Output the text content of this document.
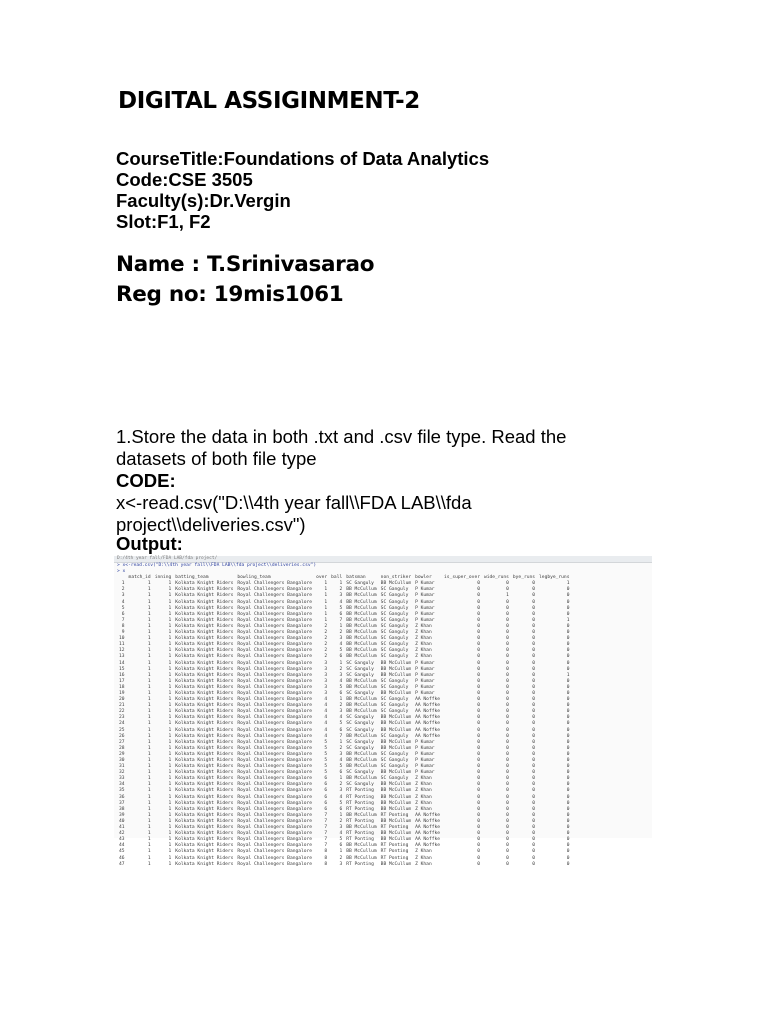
DIGITAL ASSIGINMENT-2
CourseTitle:Foundations of Data Analytics
Code:CSE 3505
Faculty(s):Dr.Vergin
Slot:F1, F2
Name : T.Srinivasarao
Reg no: 19mis1061
1.Store the data in both .txt and .csv file type. Read the
datasets of both file type
CODE:
x<-read.csv("D:\\4th year fall\\FDA LAB\\fda
project\\deliveries.csv")
Output:
D:/4th year fall/FDA LAB/fda project/
> x<-read.csv("D:\\4th year fall\\FDA LAB\\fda project\\deliveries.csv")
> x
	match_id	inning	batting_team	bowling_team	over	ball	batsman	non_striker	bowler	is_super_over	wide_runs	bye_runs	legbye_runs
1	1	1	Kolkata Knight Riders	Royal Challengers Bangalore	1	1	SC Ganguly	BB McCullum	P Kumar	0	0	0	1
2	1	1	Kolkata Knight Riders	Royal Challengers Bangalore	1	2	BB McCullum	SC Ganguly	P Kumar	0	0	0	0
3	1	1	Kolkata Knight Riders	Royal Challengers Bangalore	1	3	BB McCullum	SC Ganguly	P Kumar	0	1	0	0
4	1	1	Kolkata Knight Riders	Royal Challengers Bangalore	1	4	BB McCullum	SC Ganguly	P Kumar	0	0	0	0
5	1	1	Kolkata Knight Riders	Royal Challengers Bangalore	1	5	BB McCullum	SC Ganguly	P Kumar	0	0	0	0
6	1	1	Kolkata Knight Riders	Royal Challengers Bangalore	1	6	BB McCullum	SC Ganguly	P Kumar	0	0	0	0
7	1	1	Kolkata Knight Riders	Royal Challengers Bangalore	1	7	BB McCullum	SC Ganguly	P Kumar	0	0	0	1
8	1	1	Kolkata Knight Riders	Royal Challengers Bangalore	2	1	BB McCullum	SC Ganguly	Z Khan	0	0	0	0
9	1	1	Kolkata Knight Riders	Royal Challengers Bangalore	2	2	BB McCullum	SC Ganguly	Z Khan	0	0	0	0
10	1	1	Kolkata Knight Riders	Royal Challengers Bangalore	2	3	BB McCullum	SC Ganguly	Z Khan	0	0	0	0
11	1	1	Kolkata Knight Riders	Royal Challengers Bangalore	2	4	BB McCullum	SC Ganguly	Z Khan	0	0	0	0
12	1	1	Kolkata Knight Riders	Royal Challengers Bangalore	2	5	BB McCullum	SC Ganguly	Z Khan	0	0	0	0
13	1	1	Kolkata Knight Riders	Royal Challengers Bangalore	2	6	BB McCullum	SC Ganguly	Z Khan	0	0	0	0
14	1	1	Kolkata Knight Riders	Royal Challengers Bangalore	3	1	SC Ganguly	BB McCullum	P Kumar	0	0	0	0
15	1	1	Kolkata Knight Riders	Royal Challengers Bangalore	3	2	SC Ganguly	BB McCullum	P Kumar	0	0	0	0
16	1	1	Kolkata Knight Riders	Royal Challengers Bangalore	3	3	SC Ganguly	BB McCullum	P Kumar	0	0	0	1
17	1	1	Kolkata Knight Riders	Royal Challengers Bangalore	3	4	BB McCullum	SC Ganguly	P Kumar	0	0	0	0
18	1	1	Kolkata Knight Riders	Royal Challengers Bangalore	3	5	BB McCullum	SC Ganguly	P Kumar	0	0	0	0
19	1	1	Kolkata Knight Riders	Royal Challengers Bangalore	3	6	SC Ganguly	BB McCullum	P Kumar	0	0	0	0
20	1	1	Kolkata Knight Riders	Royal Challengers Bangalore	4	1	BB McCullum	SC Ganguly	AA Noffke	0	0	0	0
21	1	1	Kolkata Knight Riders	Royal Challengers Bangalore	4	2	BB McCullum	SC Ganguly	AA Noffke	0	0	0	0
22	1	1	Kolkata Knight Riders	Royal Challengers Bangalore	4	3	BB McCullum	SC Ganguly	AA Noffke	0	0	0	0
23	1	1	Kolkata Knight Riders	Royal Challengers Bangalore	4	4	SC Ganguly	BB McCullum	AA Noffke	0	0	0	0
24	1	1	Kolkata Knight Riders	Royal Challengers Bangalore	4	5	SC Ganguly	BB McCullum	AA Noffke	0	0	0	0
25	1	1	Kolkata Knight Riders	Royal Challengers Bangalore	4	6	SC Ganguly	BB McCullum	AA Noffke	0	0	0	0
26	1	1	Kolkata Knight Riders	Royal Challengers Bangalore	4	7	BB McCullum	SC Ganguly	AA Noffke	0	0	0	0
27	1	1	Kolkata Knight Riders	Royal Challengers Bangalore	5	1	SC Ganguly	BB McCullum	P Kumar	0	0	0	0
28	1	1	Kolkata Knight Riders	Royal Challengers Bangalore	5	2	SC Ganguly	BB McCullum	P Kumar	0	0	0	0
29	1	1	Kolkata Knight Riders	Royal Challengers Bangalore	5	3	BB McCullum	SC Ganguly	P Kumar	0	0	0	0
30	1	1	Kolkata Knight Riders	Royal Challengers Bangalore	5	4	BB McCullum	SC Ganguly	P Kumar	0	0	0	0
31	1	1	Kolkata Knight Riders	Royal Challengers Bangalore	5	5	BB McCullum	SC Ganguly	P Kumar	0	0	0	0
32	1	1	Kolkata Knight Riders	Royal Challengers Bangalore	5	6	SC Ganguly	BB McCullum	P Kumar	0	0	0	0
33	1	1	Kolkata Knight Riders	Royal Challengers Bangalore	6	1	BB McCullum	SC Ganguly	Z Khan	0	0	0	0
34	1	1	Kolkata Knight Riders	Royal Challengers Bangalore	6	2	SC Ganguly	BB McCullum	Z Khan	0	0	0	0
35	1	1	Kolkata Knight Riders	Royal Challengers Bangalore	6	3	RT Ponting	BB McCullum	Z Khan	0	0	0	0
36	1	1	Kolkata Knight Riders	Royal Challengers Bangalore	6	4	RT Ponting	BB McCullum	Z Khan	0	0	0	0
37	1	1	Kolkata Knight Riders	Royal Challengers Bangalore	6	5	RT Ponting	BB McCullum	Z Khan	0	0	0	0
38	1	1	Kolkata Knight Riders	Royal Challengers Bangalore	6	6	RT Ponting	BB McCullum	Z Khan	0	0	0	0
39	1	1	Kolkata Knight Riders	Royal Challengers Bangalore	7	1	BB McCullum	RT Ponting	AA Noffke	0	0	0	0
40	1	1	Kolkata Knight Riders	Royal Challengers Bangalore	7	2	RT Ponting	BB McCullum	AA Noffke	0	0	0	0
41	1	1	Kolkata Knight Riders	Royal Challengers Bangalore	7	3	BB McCullum	RT Ponting	AA Noffke	0	0	0	0
42	1	1	Kolkata Knight Riders	Royal Challengers Bangalore	7	4	RT Ponting	BB McCullum	AA Noffke	0	0	0	0
43	1	1	Kolkata Knight Riders	Royal Challengers Bangalore	7	5	RT Ponting	BB McCullum	AA Noffke	0	0	0	0
44	1	1	Kolkata Knight Riders	Royal Challengers Bangalore	7	6	BB McCullum	RT Ponting	AA Noffke	0	0	0	0
45	1	1	Kolkata Knight Riders	Royal Challengers Bangalore	8	1	BB McCullum	RT Ponting	Z Khan	0	0	0	0
46	1	1	Kolkata Knight Riders	Royal Challengers Bangalore	8	2	BB McCullum	RT Ponting	Z Khan	0	0	0	0
47	1	1	Kolkata Knight Riders	Royal Challengers Bangalore	8	3	RT Ponting	BB McCullum	Z Khan	0	0	0	0
